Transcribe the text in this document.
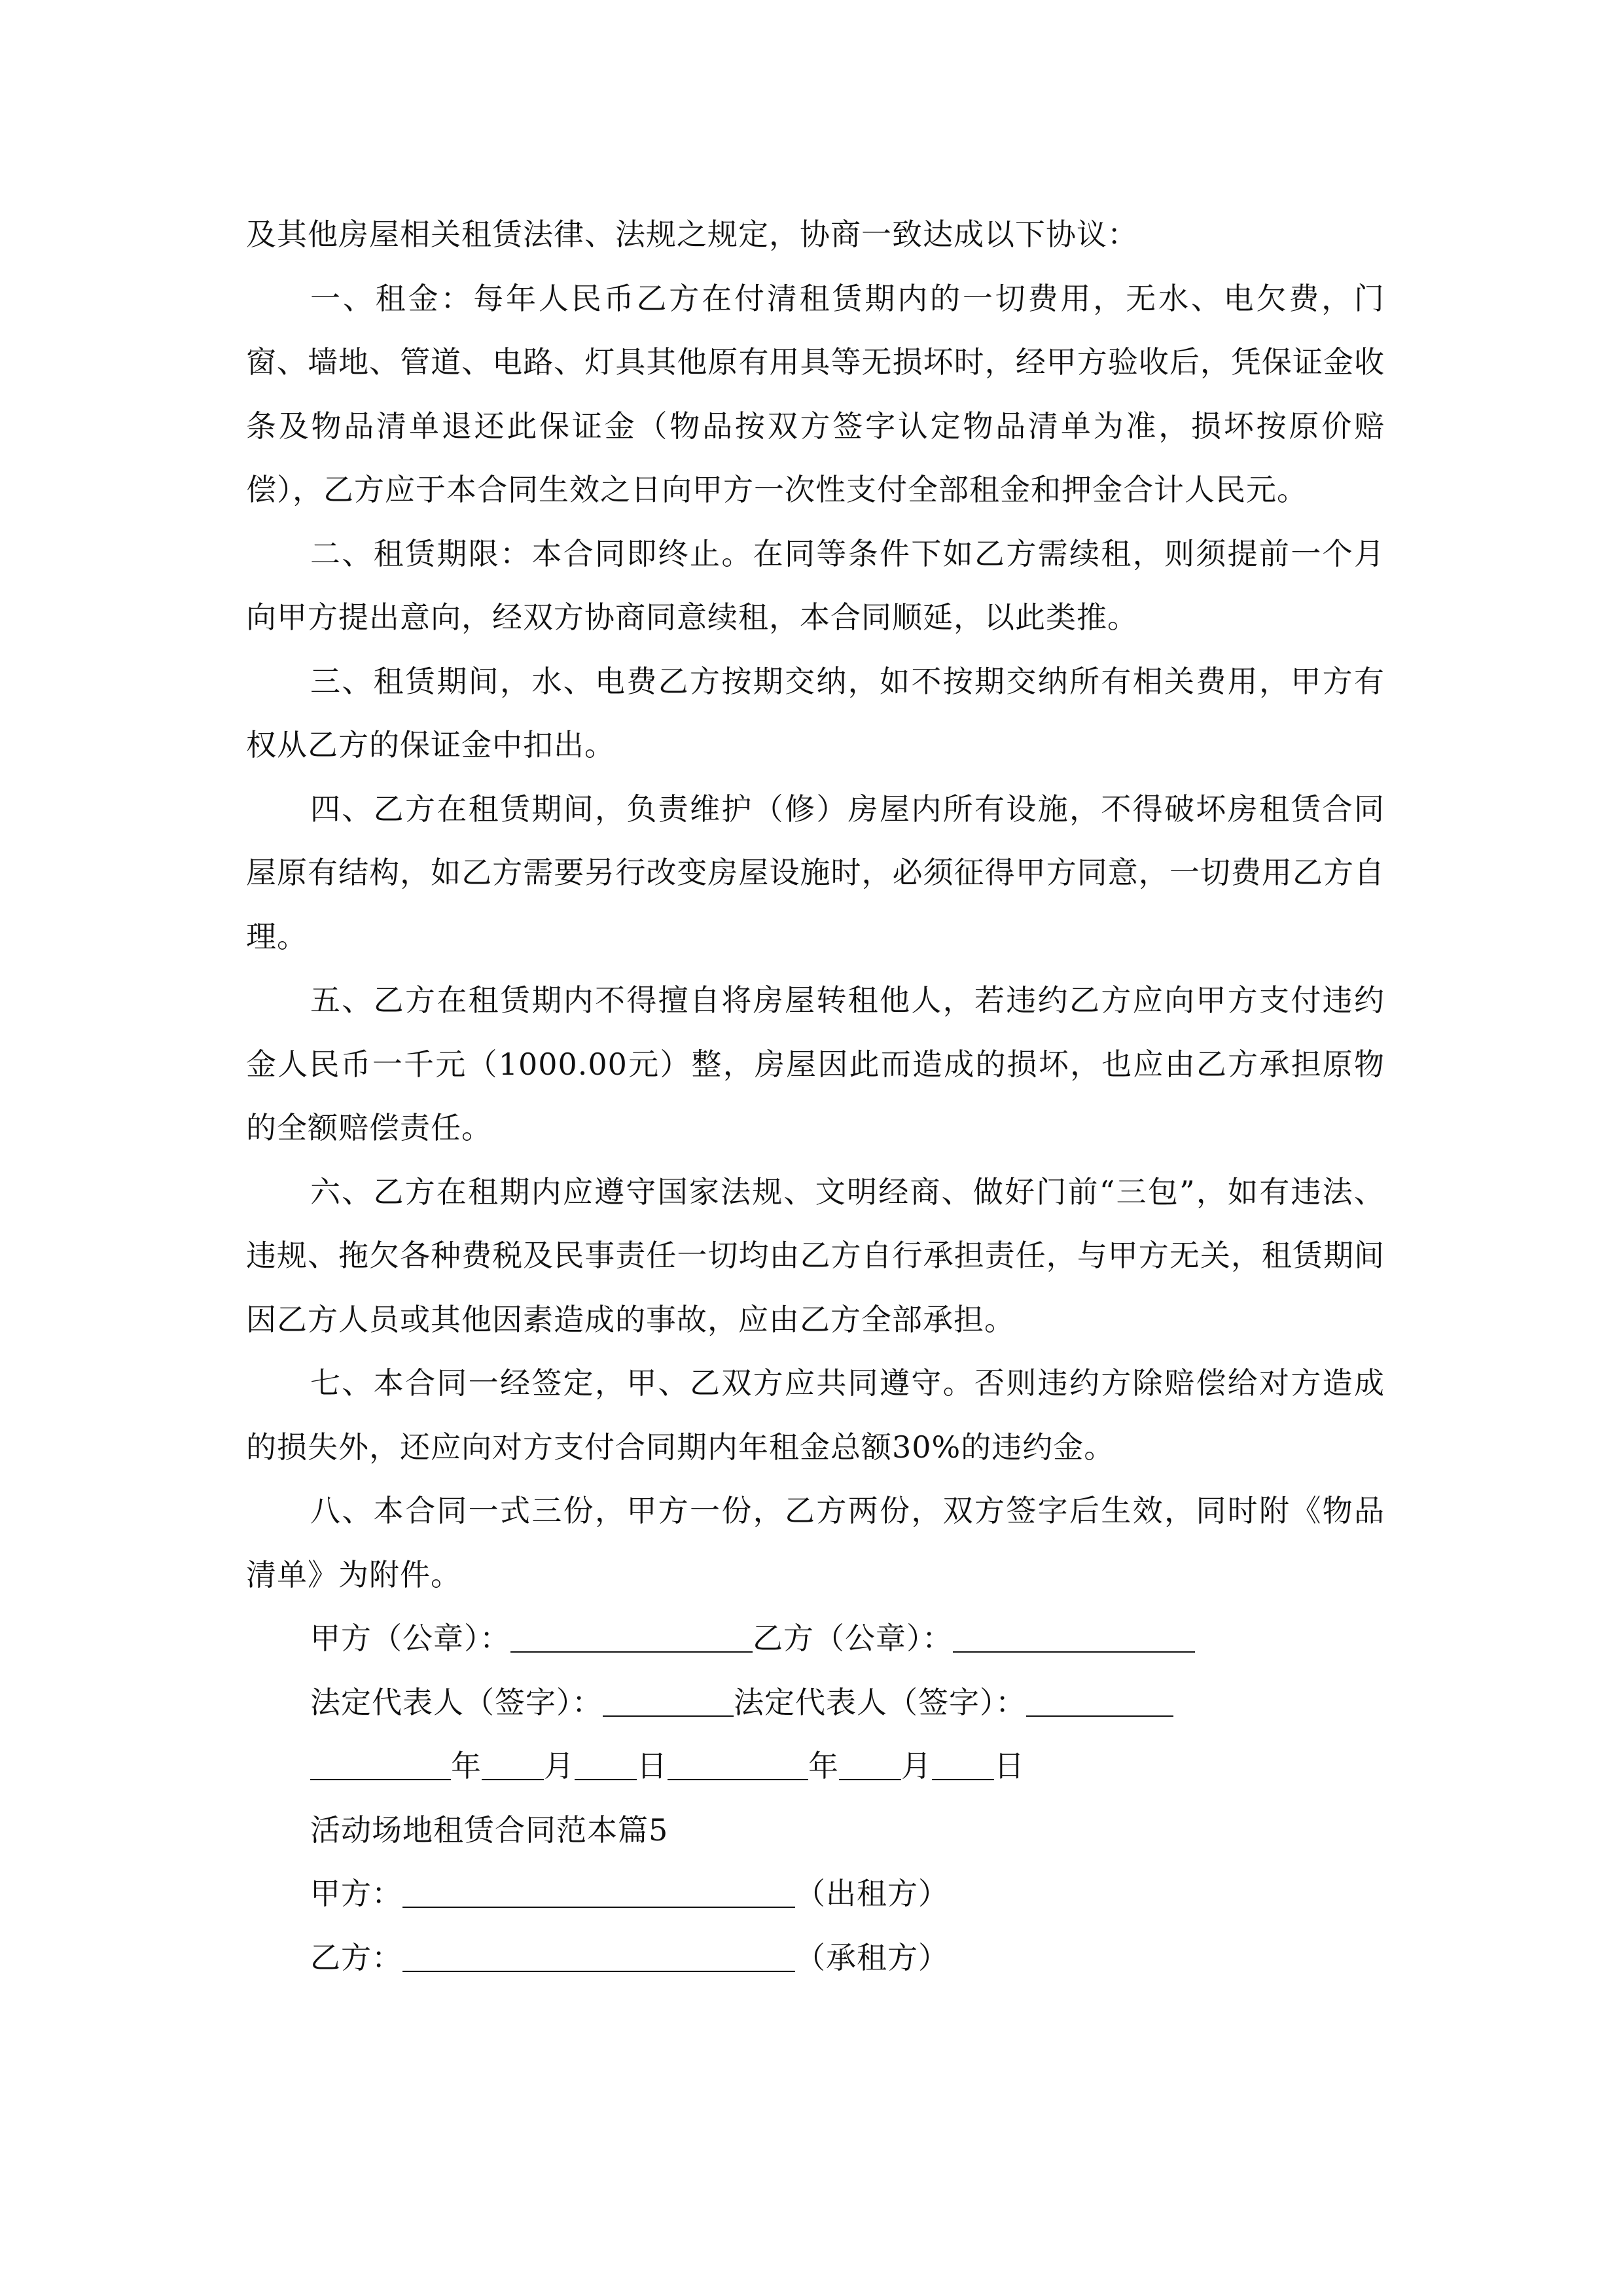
及其他房屋相关租赁法律、法规之规定，协商一致达成以下协议：

一、租金：每年人民币乙方在付清租赁期内的一切费用，无水、电欠费，门窗、墙地、管道、电路、灯具其他原有用具等无损坏时，经甲方验收后，凭保证金收条及物品清单退还此保证金（物品按双方签字认定物品清单为准，损坏按原价赔偿），乙方应于本合同生效之日向甲方一次性支付全部租金和押金合计人民元。

二、租赁期限：本合同即终止。在同等条件下如乙方需续租，则须提前一个月向甲方提出意向，经双方协商同意续租，本合同顺延，以此类推。

三、租赁期间，水、电费乙方按期交纳，如不按期交纳所有相关费用，甲方有权从乙方的保证金中扣出。

四、乙方在租赁期间，负责维护（修）房屋内所有设施，不得破坏房租赁合同屋原有结构，如乙方需要另行改变房屋设施时，必须征得甲方同意，一切费用乙方自理。

五、乙方在租赁期内不得擅自将房屋转租他人，若违约乙方应向甲方支付违约金人民币一千元（1000.00元）整，房屋因此而造成的损坏，也应由乙方承担原物的全额赔偿责任。

六、乙方在租期内应遵守国家法规、文明经商、做好门前“三包”，如有违法、违规、拖欠各种费税及民事责任一切均由乙方自行承担责任，与甲方无关，租赁期间因乙方人员或其他因素造成的事故，应由乙方全部承担。

七、本合同一经签定，甲、乙双方应共同遵守。否则违约方除赔偿给对方造成的损失外，还应向对方支付合同期内年租金总额30%的违约金。

八、本合同一式三份，甲方一份，乙方两份，双方签字后生效，同时附《物品清单》为附件。

甲方（公章）：	乙方（公章）：

法定代表人（签字）：	法定代表人（签字）：

年 月 日	年 月 日

活动场地租赁合同范本篇5

甲方：	（出租方）

乙方：	（承租方）
